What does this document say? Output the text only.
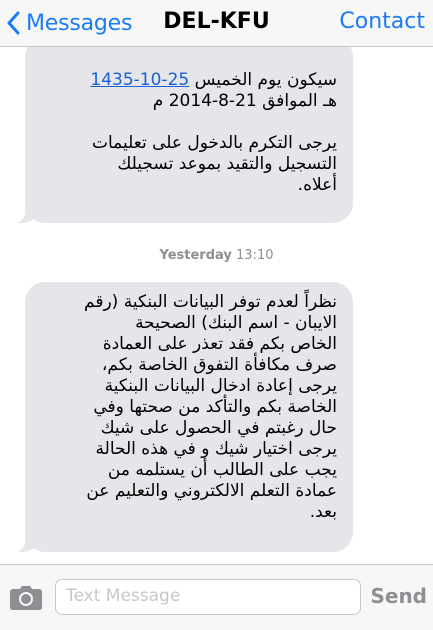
Messages	DEL-KFU	Contact
سيكون يوم الخميس 25-10-1435
هـ الموافق 21-8-2014 م
يرجى التكرم بالدخول على تعليمات
التسجيل والتقيد بموعد تسجيلك
أعلاه.
Yesterday 13:10
نظراً لعدم توفر البيانات البنكية (رقم
الايبان - اسم البنك) الصحيحة
الخاص بكم فقد تعذر على العمادة
صرف مكافأة التفوق الخاصة بكم،
يرجى إعادة ادخال البيانات البنكية
الخاصة بكم والتأكد من صحتها وفي
حال رغبتم في الحصول على شيك
يرجى اختيار شيك و في هذه الحالة
يجب على الطالب أن يستلمه من
عمادة التعلم الالكتروني والتعليم عن
بعد.
Text Message	Send
